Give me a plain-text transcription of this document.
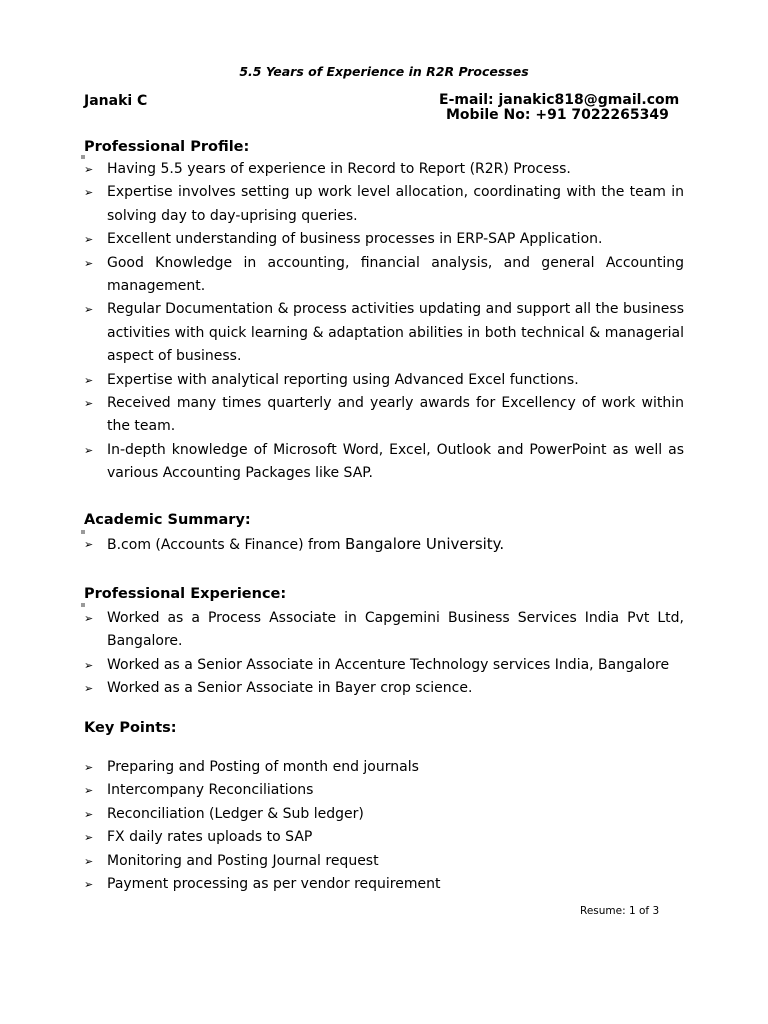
5.5 Years of Experience in R2R Processes
Janaki C	E-mail: janakic818@gmail.com
Mobile No: +91 7022265349
Professional Profile:
➢ Having 5.5 years of experience in Record to Report (R2R) Process.
➢ Expertise involves setting up work level allocation, coordinating with the team in solving day to day-uprising queries.
➢ Excellent understanding of business processes in ERP-SAP Application.
➢ Good Knowledge in accounting, financial analysis, and general Accounting management.
➢ Regular Documentation & process activities updating and support all the business activities with quick learning & adaptation abilities in both technical & managerial aspect of business.
➢ Expertise with analytical reporting using Advanced Excel functions.
➢ Received many times quarterly and yearly awards for Excellency of work within the team.
➢ In-depth knowledge of Microsoft Word, Excel, Outlook and PowerPoint as well as various Accounting Packages like SAP.
Academic Summary:
➢ B.com (Accounts & Finance) from Bangalore University.
Professional Experience:
➢ Worked as a Process Associate in Capgemini Business Services India Pvt Ltd, Bangalore.
➢ Worked as a Senior Associate in Accenture Technology services India, Bangalore
➢ Worked as a Senior Associate in Bayer crop science.
Key Points:
➢ Preparing and Posting of month end journals
➢ Intercompany Reconciliations
➢ Reconciliation (Ledger & Sub ledger)
➢ FX daily rates uploads to SAP
➢ Monitoring and Posting Journal request
➢ Payment processing as per vendor requirement
Resume: 1 of 3
